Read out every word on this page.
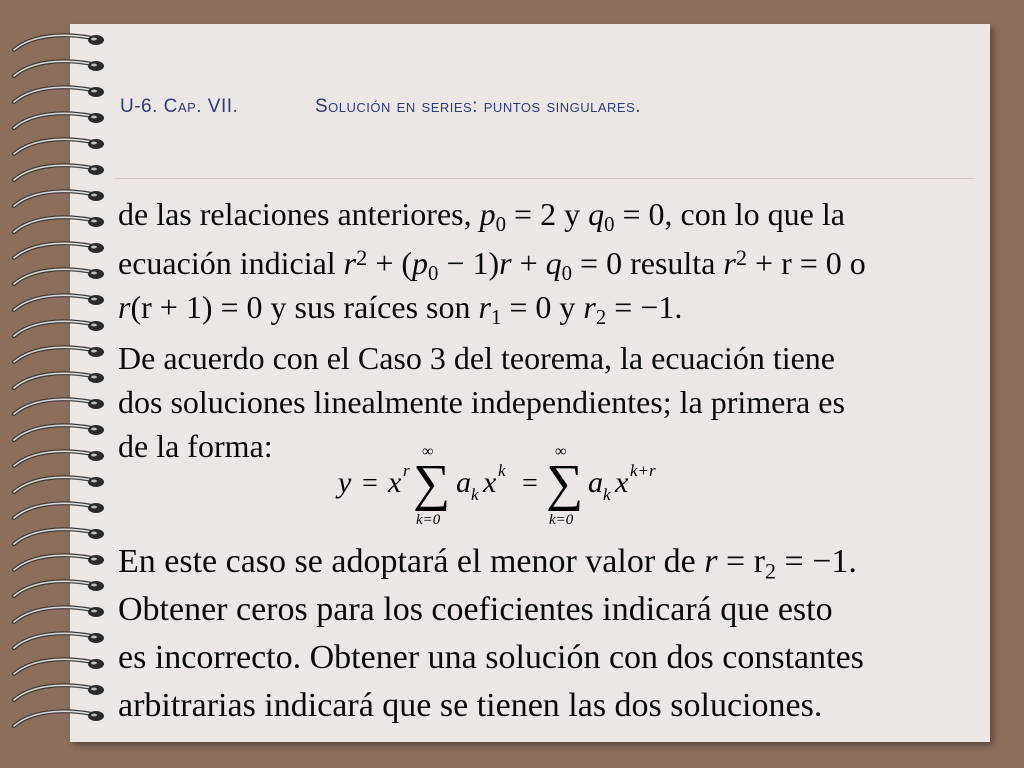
U-6. Cap. VII.	Solución en series: puntos singulares.
de las relaciones anteriores, $p_0 = 2$ y $q_0 = 0$, con lo que la
ecuación indicial $r^2 + (p_0 - 1)r + q_0 = 0$ resulta $r^2 + r = 0$ o
r(r + 1) = 0 y sus raíces son $r_1 = 0$ y $r_2 = -1$.
De acuerdo con el Caso 3 del teorema, la ecuación tiene
dos soluciones linealmente independientes; la primera es
de la forma:
y = x r ∑
∞
k=0
a k x k = ∑
∞
k=0
a k x k+r
En este caso se adoptará el menor valor de $r = r_2 = -1$.
Obtener ceros para los coeficientes indicará que esto
es incorrecto. Obtener una solución con dos constantes
arbitrarias indicará que se tienen las dos soluciones.
